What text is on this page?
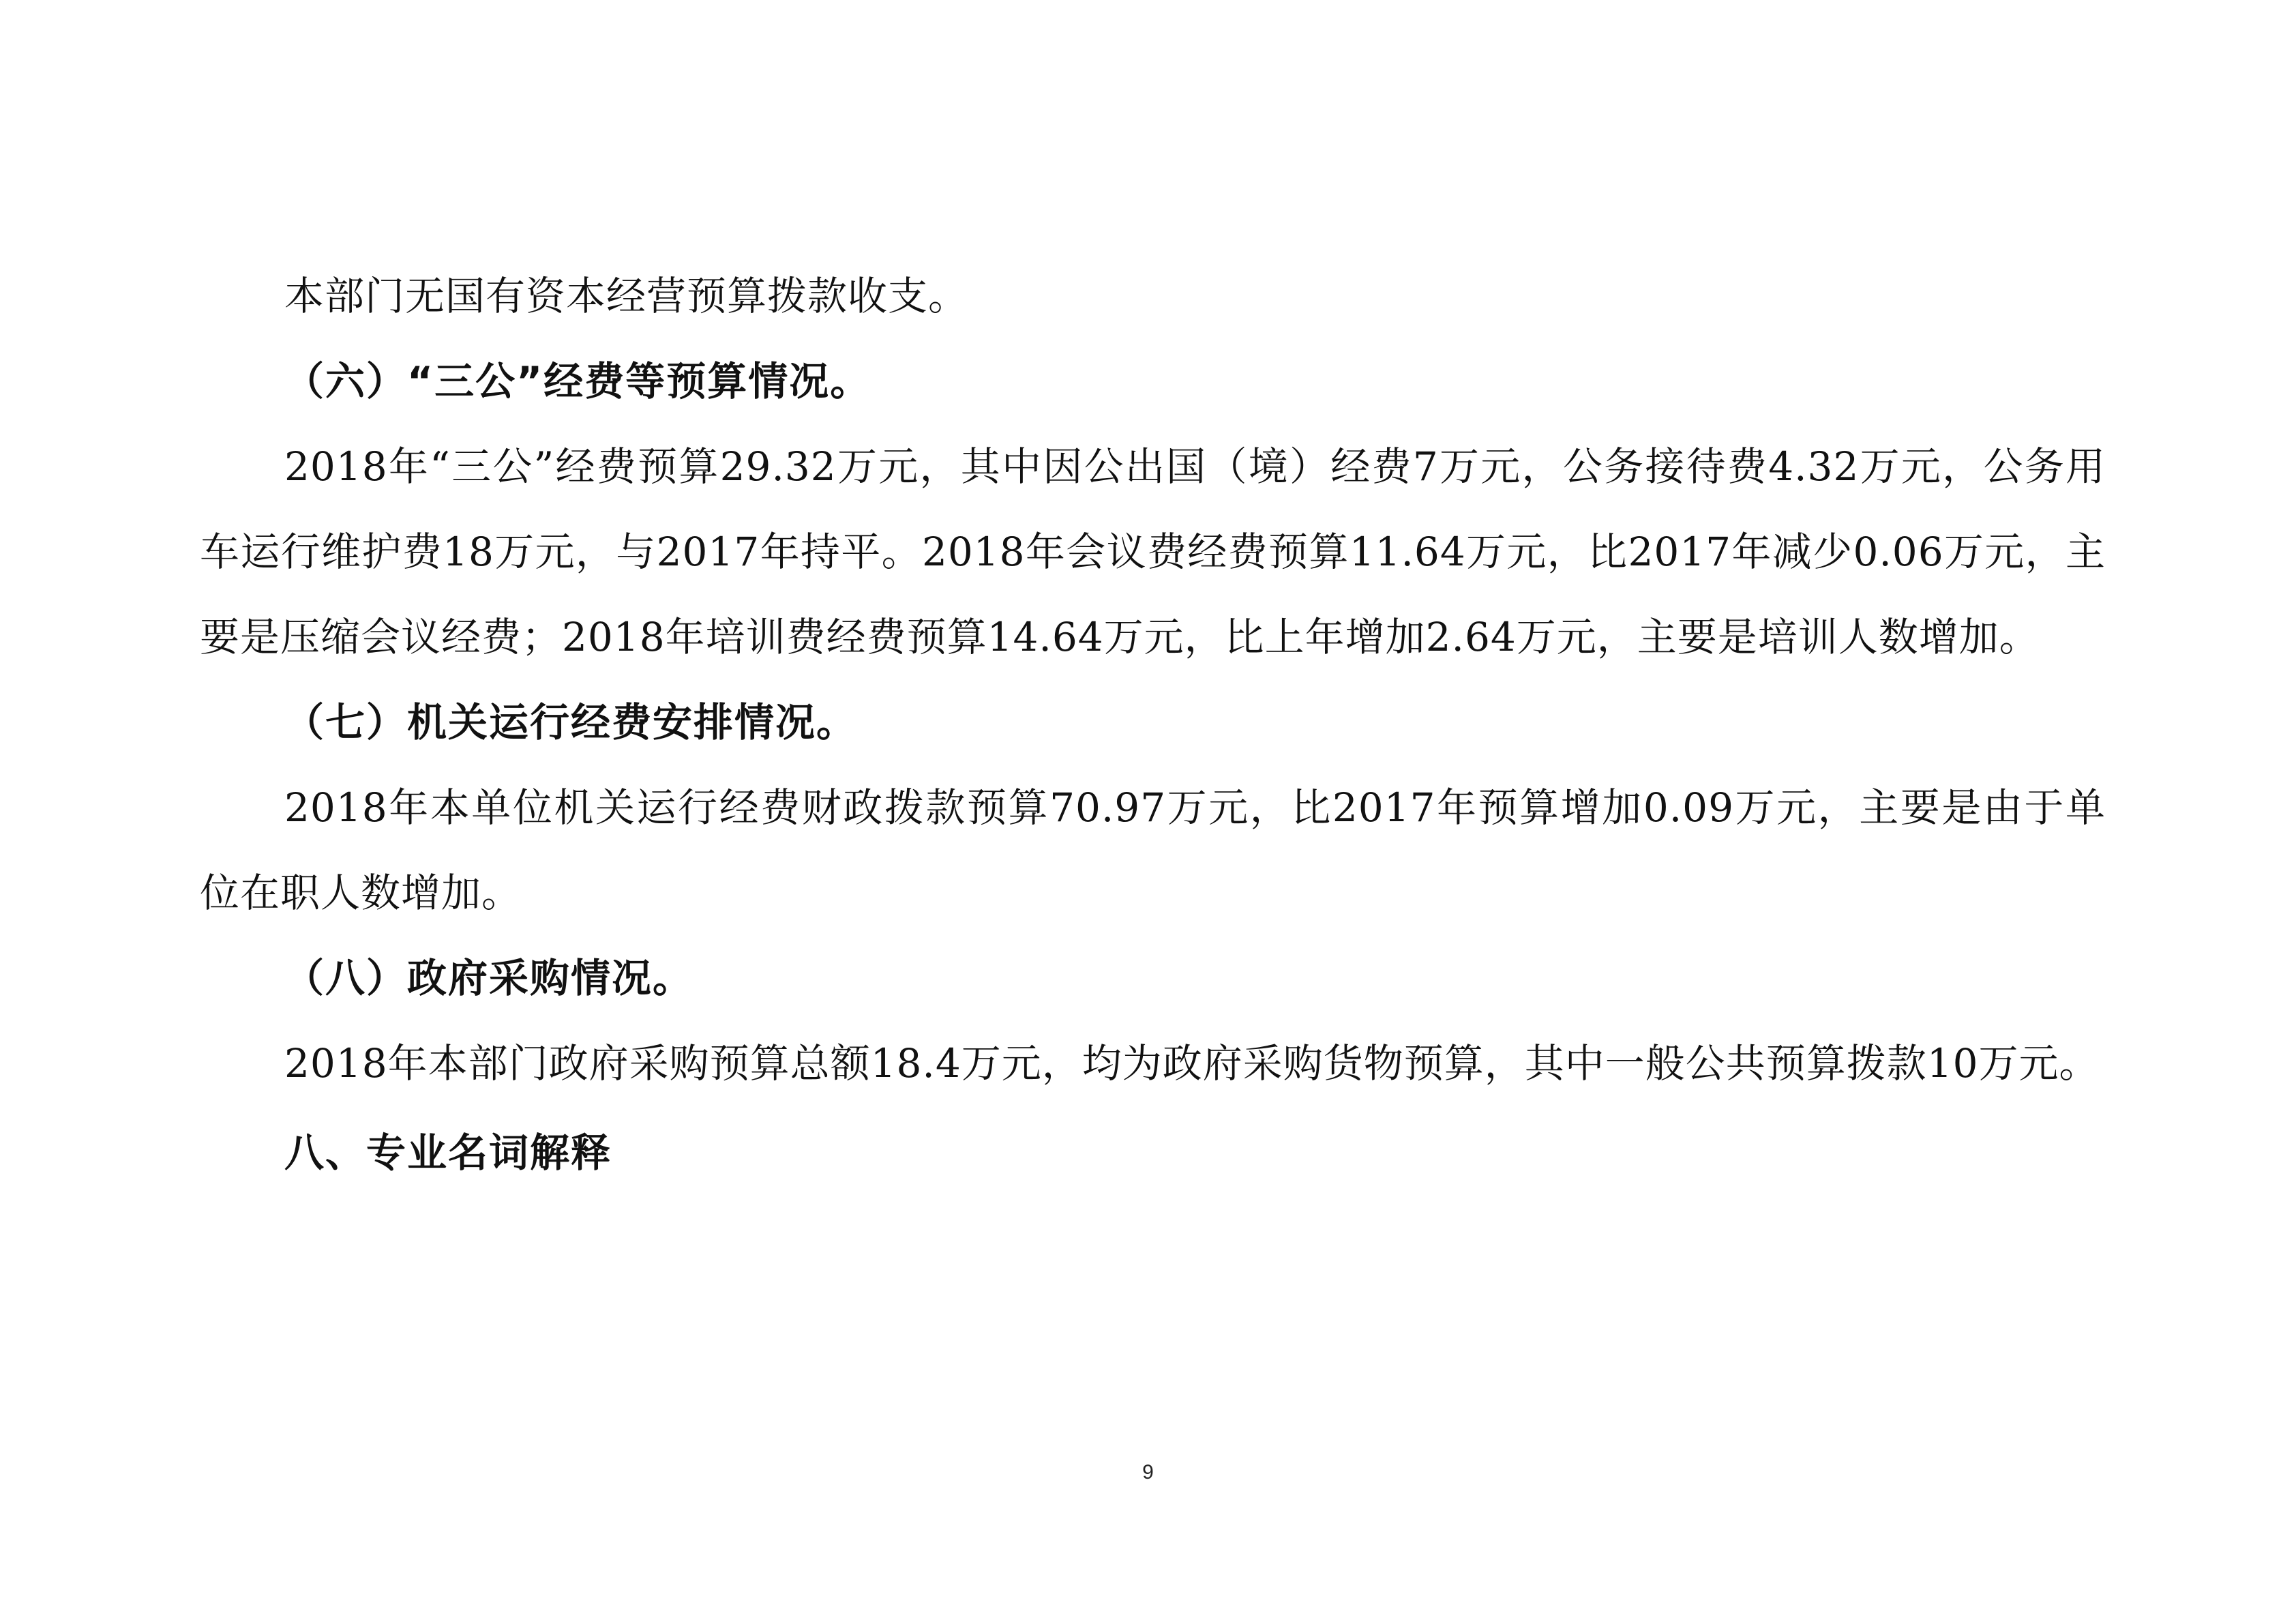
本部门无国有资本经营预算拨款收支。

（六）“三公”经费等预算情况。

2018年“三公”经费预算29.32万元，其中因公出国（境）经费7万元，公务接待费4.32万元，公务用车运行维护费18万元，与2017年持平。2018年会议费经费预算11.64万元，比2017年减少0.06万元，主要是压缩会议经费；2018年培训费经费预算14.64万元，比上年增加2.64万元，主要是培训人数增加。

（七）机关运行经费安排情况。

2018年本单位机关运行经费财政拨款预算70.97万元，比2017年预算增加0.09万元，主要是由于单位在职人数增加。

（八）政府采购情况。

2018年本部门政府采购预算总额18.4万元，均为政府采购货物预算，其中一般公共预算拨款10万元。

八、专业名词解释

9
